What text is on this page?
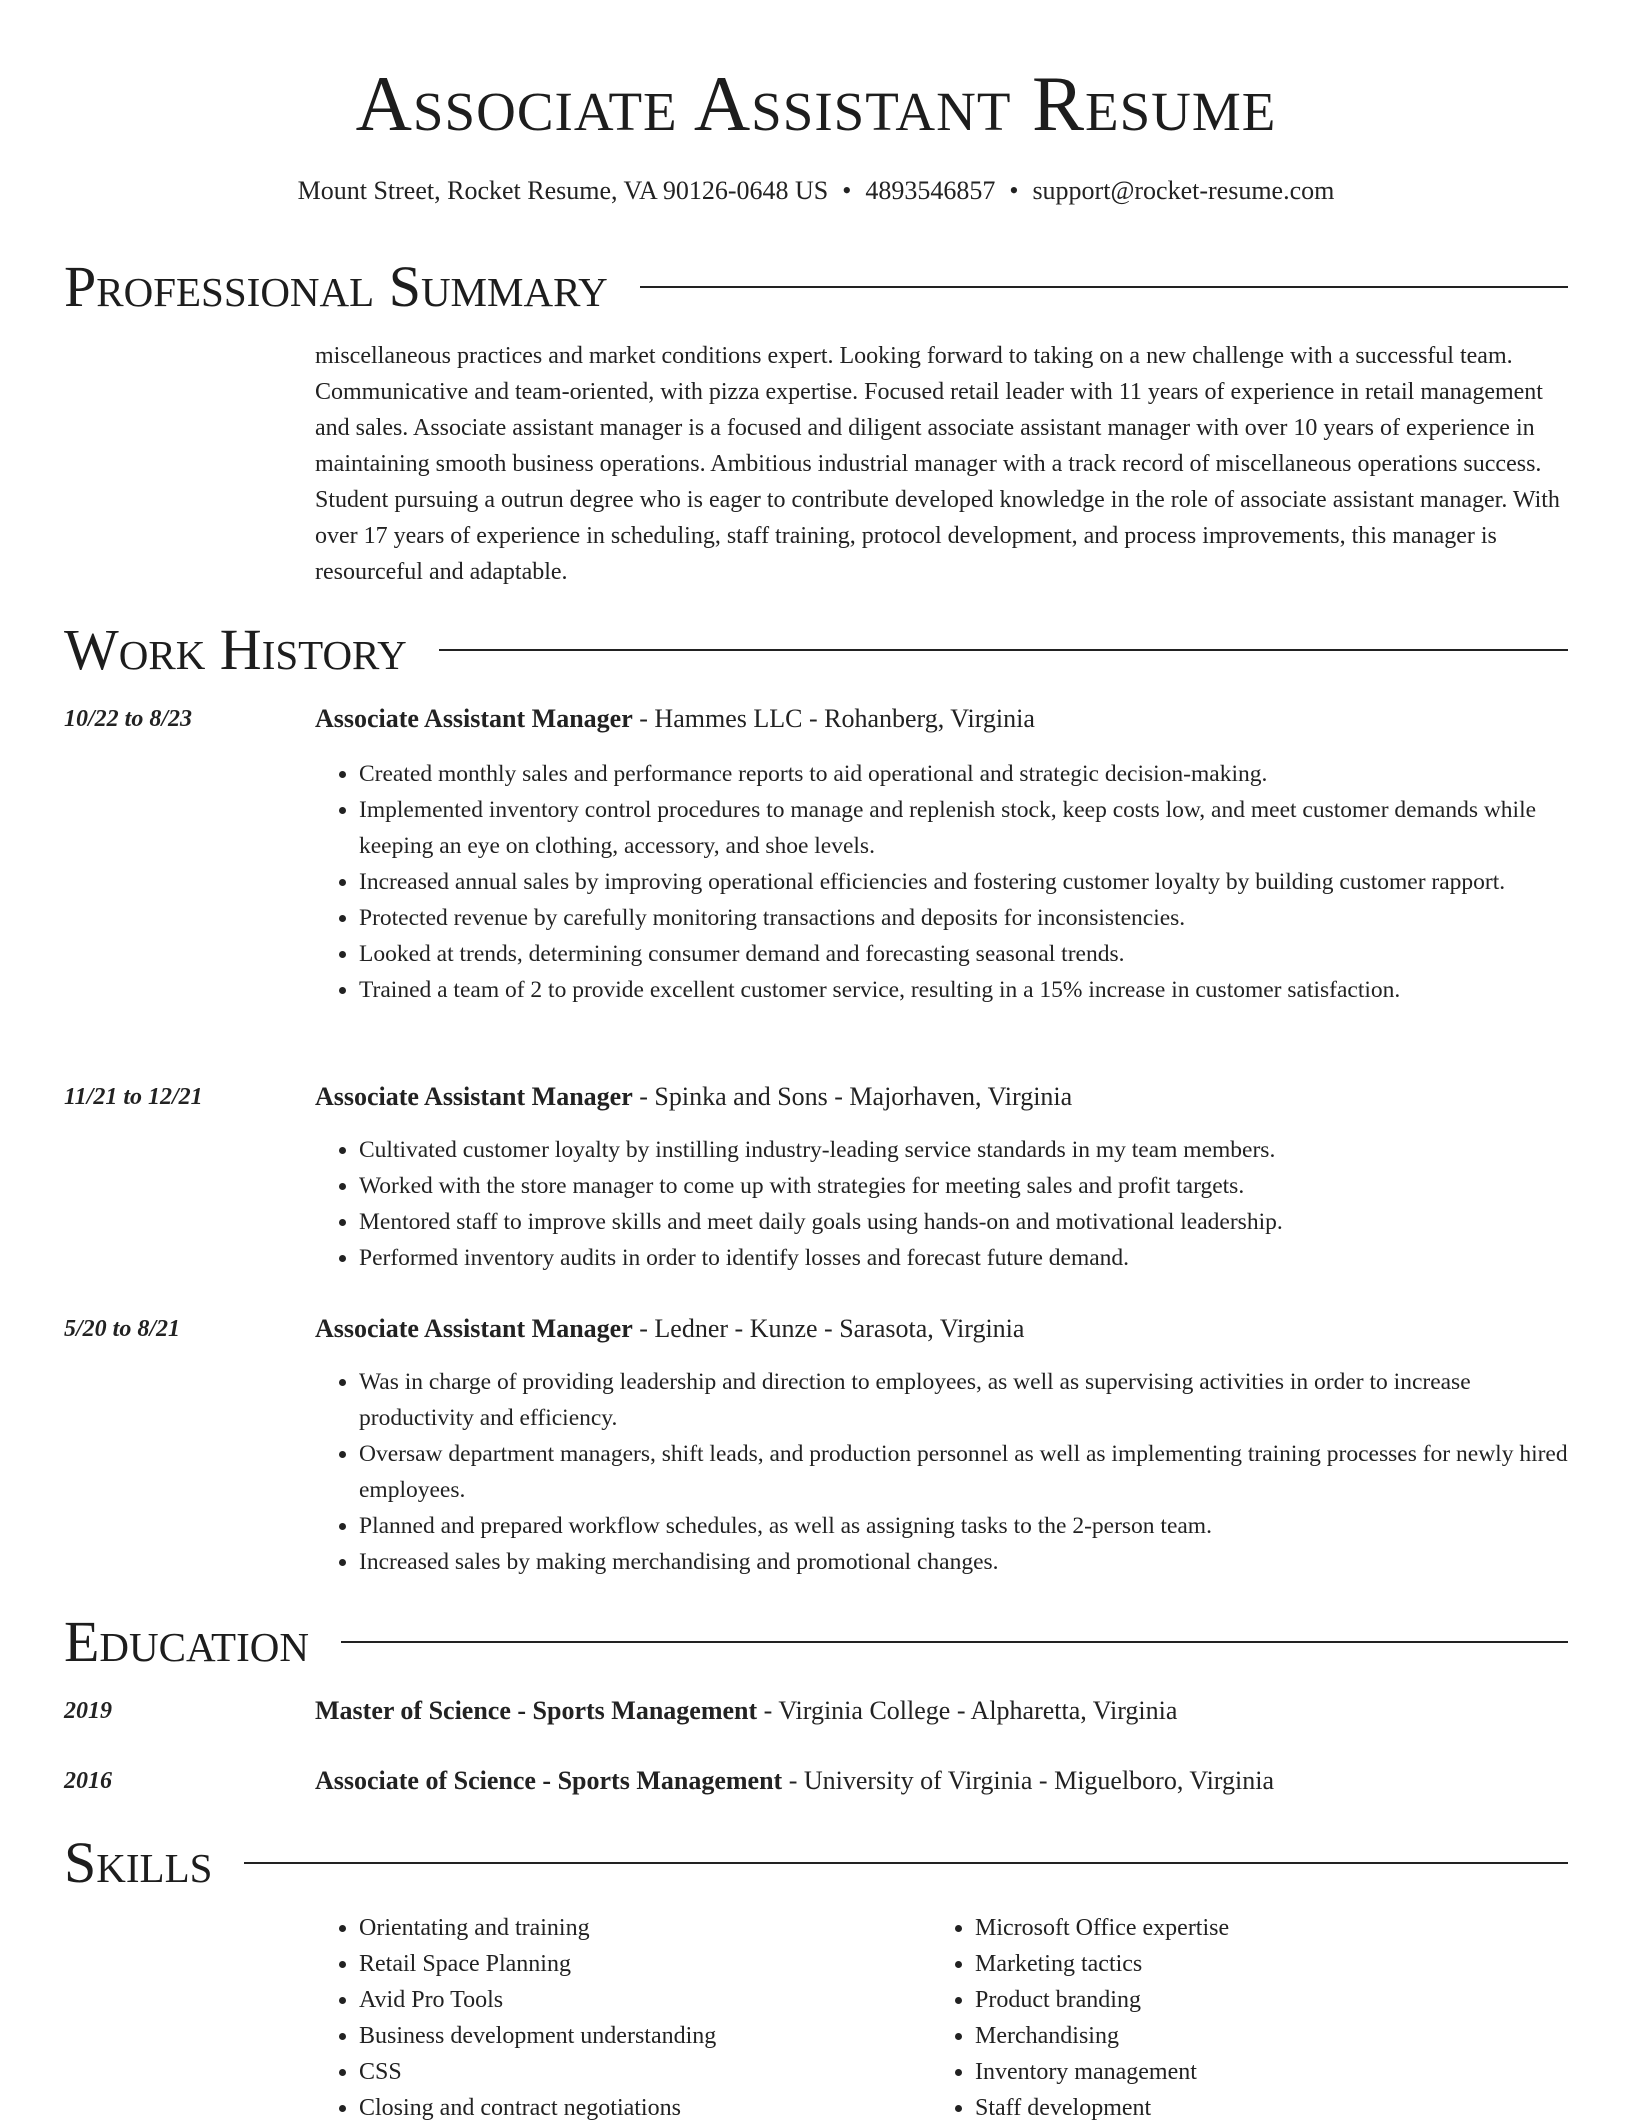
Associate Assistant Resume
Mount Street, Rocket Resume, VA 90126-0648 US • 4893546857 • support@rocket-resume.com
Professional Summary

miscellaneous practices and market conditions expert. Looking forward to taking on a new challenge with a successful team. Communicative and team-oriented, with pizza expertise. Focused retail leader with 11 years of experience in retail management and sales. Associate assistant manager is a focused and diligent associate assistant manager with over 10 years of experience in maintaining smooth business operations. Ambitious industrial manager with a track record of miscellaneous operations success. Student pursuing a outrun degree who is eager to contribute developed knowledge in the role of associate assistant manager. With over 17 years of experience in scheduling, staff training, protocol development, and process improvements, this manager is resourceful and adaptable.

Work History
10/22 to 8/23	Associate Assistant Manager - Hammes LLC - Rohanberg, Virginia
• Created monthly sales and performance reports to aid operational and strategic decision-making.
• Implemented inventory control procedures to manage and replenish stock, keep costs low, and meet customer demands while keeping an eye on clothing, accessory, and shoe levels.
• Increased annual sales by improving operational efficiencies and fostering customer loyalty by building customer rapport.
• Protected revenue by carefully monitoring transactions and deposits for inconsistencies.
• Looked at trends, determining consumer demand and forecasting seasonal trends.
• Trained a team of 2 to provide excellent customer service, resulting in a 15% increase in customer satisfaction.
11/21 to 12/21	Associate Assistant Manager - Spinka and Sons - Majorhaven, Virginia
• Cultivated customer loyalty by instilling industry-leading service standards in my team members.
• Worked with the store manager to come up with strategies for meeting sales and profit targets.
• Mentored staff to improve skills and meet daily goals using hands-on and motivational leadership.
• Performed inventory audits in order to identify losses and forecast future demand.
5/20 to 8/21	Associate Assistant Manager - Ledner - Kunze - Sarasota, Virginia
• Was in charge of providing leadership and direction to employees, as well as supervising activities in order to increase productivity and efficiency.
• Oversaw department managers, shift leads, and production personnel as well as implementing training processes for newly hired employees.
• Planned and prepared workflow schedules, as well as assigning tasks to the 2-person team.
• Increased sales by making merchandising and promotional changes.
Education
2019	Master of Science - Sports Management - Virginia College - Alpharetta, Virginia
2016	Associate of Science - Sports Management - University of Virginia - Miguelboro, Virginia
Skills
• Orientating and training
• Retail Space Planning
• Avid Pro Tools
• Business development understanding
• CSS
• Closing and contract negotiations
• Microsoft Office expertise
• Marketing tactics
• Product branding
• Merchandising
• Inventory management
• Staff development
